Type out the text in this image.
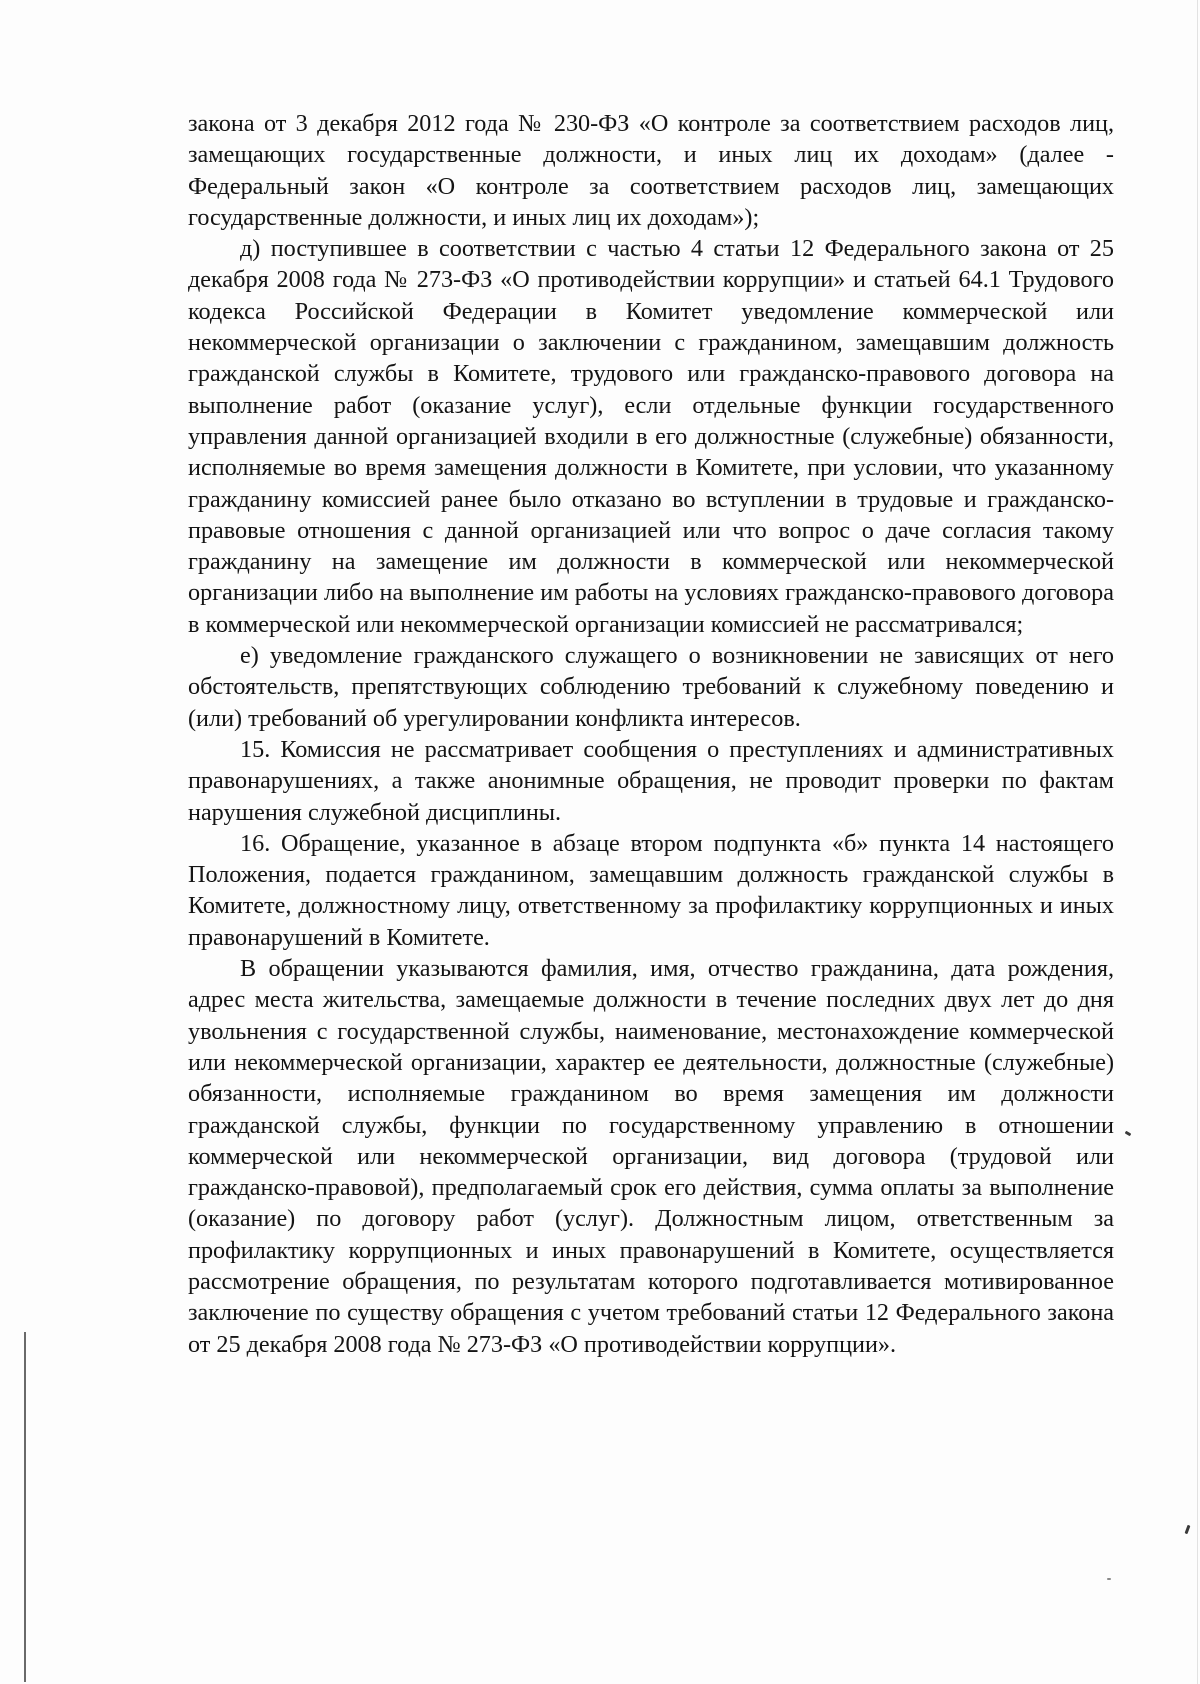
закона от 3 декабря 2012 года № 230-ФЗ «О контроле за соответствием расходов лиц, замещающих государственные должности, и иных лиц их доходам» (далее - Федеральный закон «О контроле за соответствием расходов лиц, замещающих государственные должности, и иных лиц их доходам»);

д) поступившее в соответствии с частью 4 статьи 12 Федерального закона от 25 декабря 2008 года № 273-ФЗ «О противодействии коррупции» и статьей 64.1 Трудового кодекса Российской Федерации в Комитет уведомление коммерческой или некоммерческой организации о заключении с гражданином, замещавшим должность гражданской службы в Комитете, трудового или гражданско-правового договора на выполнение работ (оказание услуг), если отдельные функции государственного управления данной организацией входили в его должностные (служебные) обязанности, исполняемые во время замещения должности в Комитете, при условии, что указанному гражданину комиссией ранее было отказано во вступлении в трудовые и гражданско-правовые отношения с данной организацией или что вопрос о даче согласия такому гражданину на замещение им должности в коммерческой или некоммерческой организации либо на выполнение им работы на условиях гражданско-правового договора в коммерческой или некоммерческой организации комиссией не рассматривался;

е) уведомление гражданского служащего о возникновении не зависящих от него обстоятельств, препятствующих соблюдению требований к служебному поведению и (или) требований об урегулировании конфликта интересов.

15. Комиссия не рассматривает сообщения о преступлениях и административных правонарушениях, а также анонимные обращения, не проводит проверки по фактам нарушения служебной дисциплины.

16. Обращение, указанное в абзаце втором подпункта «б» пункта 14 настоящего Положения, подается гражданином, замещавшим должность гражданской службы в Комитете, должностному лицу, ответственному за профилактику коррупционных и иных правонарушений в Комитете.

В обращении указываются фамилия, имя, отчество гражданина, дата рождения, адрес места жительства, замещаемые должности в течение последних двух лет до дня увольнения с государственной службы, наименование, местонахождение коммерческой или некоммерческой организации, характер ее деятельности, должностные (служебные) обязанности, исполняемые гражданином во время замещения им должности гражданской службы, функции по государственному управлению в отношении коммерческой или некоммерческой организации, вид договора (трудовой или гражданско-правовой), предполагаемый срок его действия, сумма оплаты за выполнение (оказание) по договору работ (услуг). Должностным лицом, ответственным за профилактику коррупционных и иных правонарушений в Комитете, осуществляется рассмотрение обращения, по результатам которого подготавливается мотивированное заключение по существу обращения с учетом требований статьи 12 Федерального закона от 25 декабря 2008 года № 273-ФЗ «О противодействии коррупции».
